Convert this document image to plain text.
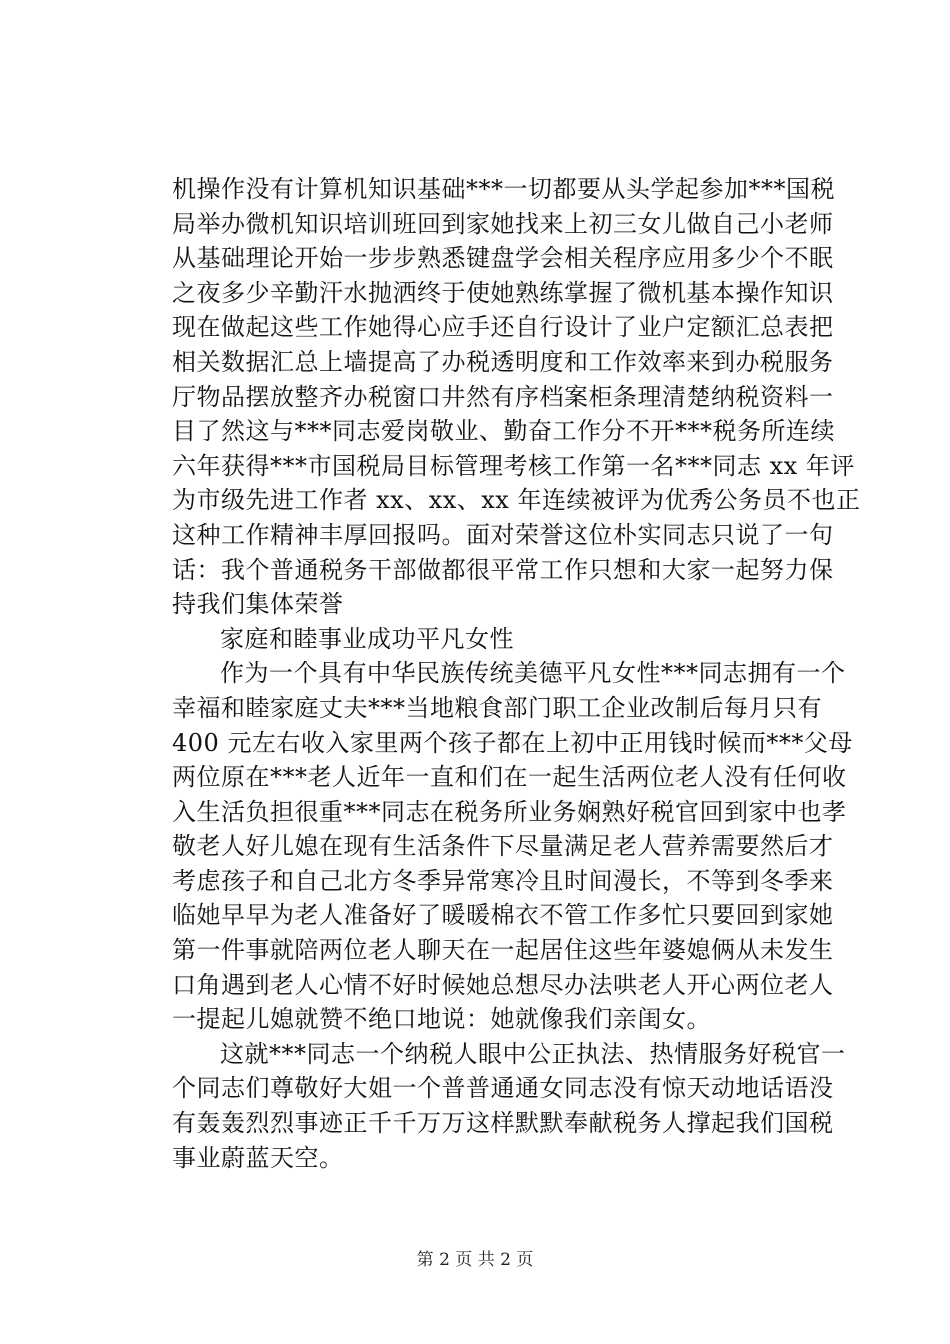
机操作没有计算机知识基础***一切都要从头学起参加***国税
局举办微机知识培训班回到家她找来上初三女儿做自己小老师
从基础理论开始一步步熟悉键盘学会相关程序应用多少个不眠
之夜多少辛勤汗水抛洒终于使她熟练掌握了微机基本操作知识
现在做起这些工作她得心应手还自行设计了业户定额汇总表把
相关数据汇总上墙提高了办税透明度和工作效率来到办税服务
厅物品摆放整齐办税窗口井然有序档案柜条理清楚纳税资料一
目了然这与***同志爱岗敬业、勤奋工作分不开***税务所连续
六年获得***市国税局目标管理考核工作第一名***同志 xx 年评
为市级先进工作者 xx、xx、xx 年连续被评为优秀公务员不也正
这种工作精神丰厚回报吗。面对荣誉这位朴实同志只说了一句
话：我个普通税务干部做都很平常工作只想和大家一起努力保
持我们集体荣誉
家庭和睦事业成功平凡女性
作为一个具有中华民族传统美德平凡女性***同志拥有一个
幸福和睦家庭丈夫***当地粮食部门职工企业改制后每月只有
400 元左右收入家里两个孩子都在上初中正用钱时候而***父母
两位原在***老人近年一直和们在一起生活两位老人没有任何收
入生活负担很重***同志在税务所业务娴熟好税官回到家中也孝
敬老人好儿媳在现有生活条件下尽量满足老人营养需要然后才
考虑孩子和自己北方冬季异常寒冷且时间漫长，不等到冬季来
临她早早为老人准备好了暖暖棉衣不管工作多忙只要回到家她
第一件事就陪两位老人聊天在一起居住这些年婆媳俩从未发生
口角遇到老人心情不好时候她总想尽办法哄老人开心两位老人
一提起儿媳就赞不绝口地说：她就像我们亲闺女。
这就***同志一个纳税人眼中公正执法、热情服务好税官一
个同志们尊敬好大姐一个普普通通女同志没有惊天动地话语没
有轰轰烈烈事迹正千千万万这样默默奉献税务人撑起我们国税
事业蔚蓝天空。
第 2 页 共 2 页
